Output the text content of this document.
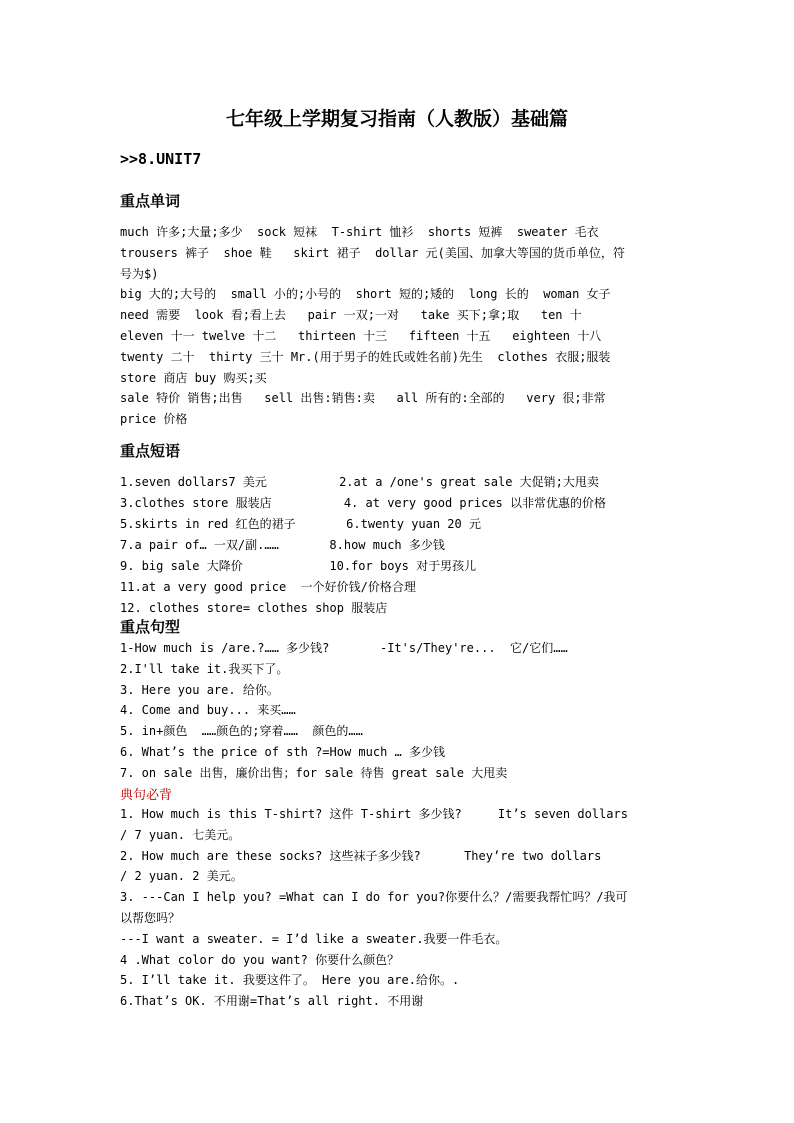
七年级上学期复习指南（人教版）基础篇
>>8.UNIT7
重点单词
much 许多;大量;多少  sock 短袜  T-shirt 恤衫  shorts 短裤  sweater 毛衣
trousers 裤子  shoe 鞋   skirt 裙子  dollar 元(美国、加拿大等国的货币单位，符
号为$)
big 大的;大号的  small 小的;小号的  short 短的;矮的  long 长的  woman 女子
need 需要  look 看;看上去   pair 一双;一对   take 买下;拿;取   ten 十
eleven 十一 twelve 十二   thirteen 十三   fifteen 十五   eighteen 十八
twenty 二十  thirty 三十 Mr.(用于男子的姓氏或姓名前)先生  clothes 衣服;服装
store 商店 buy 购买;买
sale 特价 销售;出售   sell 出售:销售:卖   all 所有的:全部的   very 很;非常
price 价格
重点短语
1.seven dollars7 美元          2.at a /one's great sale 大促销;大甩卖
3.clothes store 服装店          4. at very good prices 以非常优惠的价格
5.skirts in red 红色的裙子       6.twenty yuan 20 元
7.a pair of… 一双/副.……       8.how much 多少钱
9. big sale 大降价            10.for boys 对于男孩儿
11.at a very good price  一个好价钱/价格合理
12. clothes store= clothes shop 服装店
重点句型
1-How much is /are.?…… 多少钱?       -It's/They're...  它/它们……
2.I'll take it.我买下了。
3. Here you are. 给你。
4. Come and buy... 来买……
5. in+颜色  ……颜色的;穿着……  颜色的……
6. What’s the price of sth ?=How much … 多少钱
7. on sale 出售，廉价出售；for sale 待售 great sale 大甩卖
典句必背
1. How much is this T-shirt? 这件 T-shirt 多少钱?     It’s seven dollars
/ 7 yuan. 七美元。
2. How much are these socks? 这些袜子多少钱?      They’re two dollars
/ 2 yuan. 2 美元。
3. ---Can I help you? =What can I do for you?你要什么？/需要我帮忙吗？/我可
以帮您吗？
---I want a sweater. = I’d like a sweater.我要一件毛衣。
4 .What color do you want? 你要什么颜色？
5. I’ll take it. 我要这件了。 Here you are.给你。.
6.That’s OK. 不用谢=That’s all right. 不用谢
